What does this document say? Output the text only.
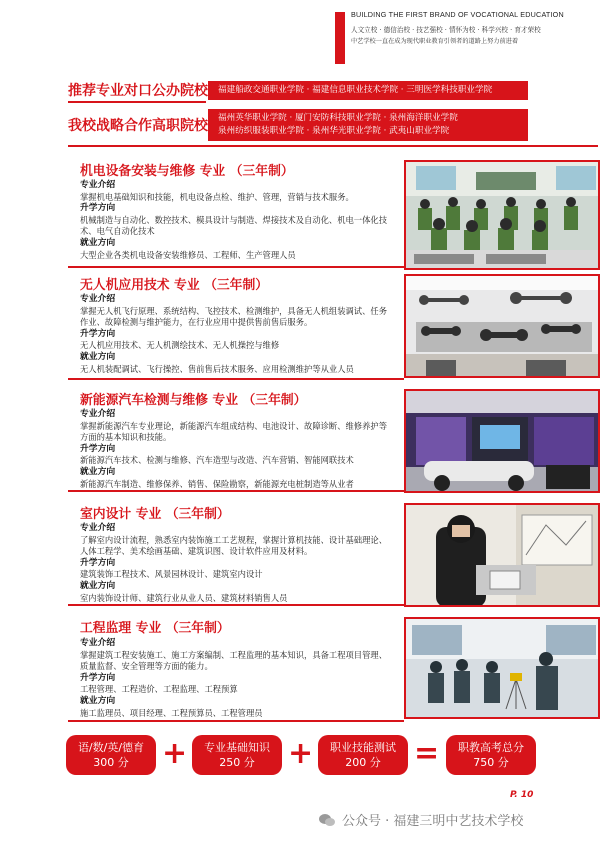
BUILDING THE FIRST BRAND OF VOCATIONAL EDUCATION
人文立校 · 德信治校 · 技艺强校 · 情怀为校 · 科学兴校 · 育才荣校
中艺学校一直在成为现代职业教育引领者的道路上努力前进着
推荐专业对口公办院校 福建船政交通职业学院 · 福建信息职业技术学院 · 三明医学科技职业学院
我校战略合作高职院校 福州英华职业学院 · 厦门安防科技职业学院 · 泉州海洋职业学院
泉州纺织服装职业学院 · 泉州华光职业学院 · 武夷山职业学院
机电设备安装与维修 专业 （三年制）
专业介绍
掌握机电基础知识和技能，机电设备点检、维护、管理，营销与技术服务。
升学方向
机械制造与自动化、数控技术、模具设计与制造、焊接技术及自动化、机电一体化技术、电气自动化技术
就业方向
大型企业各类机电设备安装维修员、工程师、生产管理人员
无人机应用技术 专业 （三年制）
专业介绍
掌握无人机飞行原理、系统结构、飞控技术、检测维护，具备无人机组装调试、任务作业、故障检测与维护能力，在行业应用中提供售前售后服务。
升学方向
无人机应用技术、无人机测绘技术、无人机操控与维修
就业方向
无人机装配调试、飞行操控、售前售后技术服务、应用检测维护等从业人员
新能源汽车检测与维修 专业 （三年制）
专业介绍
掌握新能源汽车专业理论，新能源汽车组成结构、电池设计、故障诊断、维修养护等方面的基本知识和技能。
升学方向
新能源汽车技术、检测与维修、汽车造型与改造、汽车营销、智能网联技术
就业方向
新能源汽车制造、维修保养、销售、保险勘察，新能源充电桩制造等从业者
室内设计 专业 （三年制）
专业介绍
了解室内设计流程，熟悉室内装饰施工工艺规程，掌握计算机技能、设计基础理论、人体工程学、美术绘画基础、建筑识图、设计软件应用及材料。
升学方向
建筑装饰工程技术、风景园林设计、建筑室内设计
就业方向
室内装饰设计师、建筑行业从业人员、建筑材料销售人员
工程监理 专业 （三年制）
专业介绍
掌握建筑工程安装施工、施工方案编制、工程监理的基本知识，具备工程项目管理、质量监督、安全管理等方面的能力。
升学方向
工程管理、工程造价、工程监理、工程预算
就业方向
施工监理员、项目经理、工程预算员、工程管理员
语/数/英/德育
300 分	+	专业基础知识
250 分	+	职业技能测试
200 分	=	职教高考总分
750 分
P. 10
公众号 · 福建三明中艺技术学校
